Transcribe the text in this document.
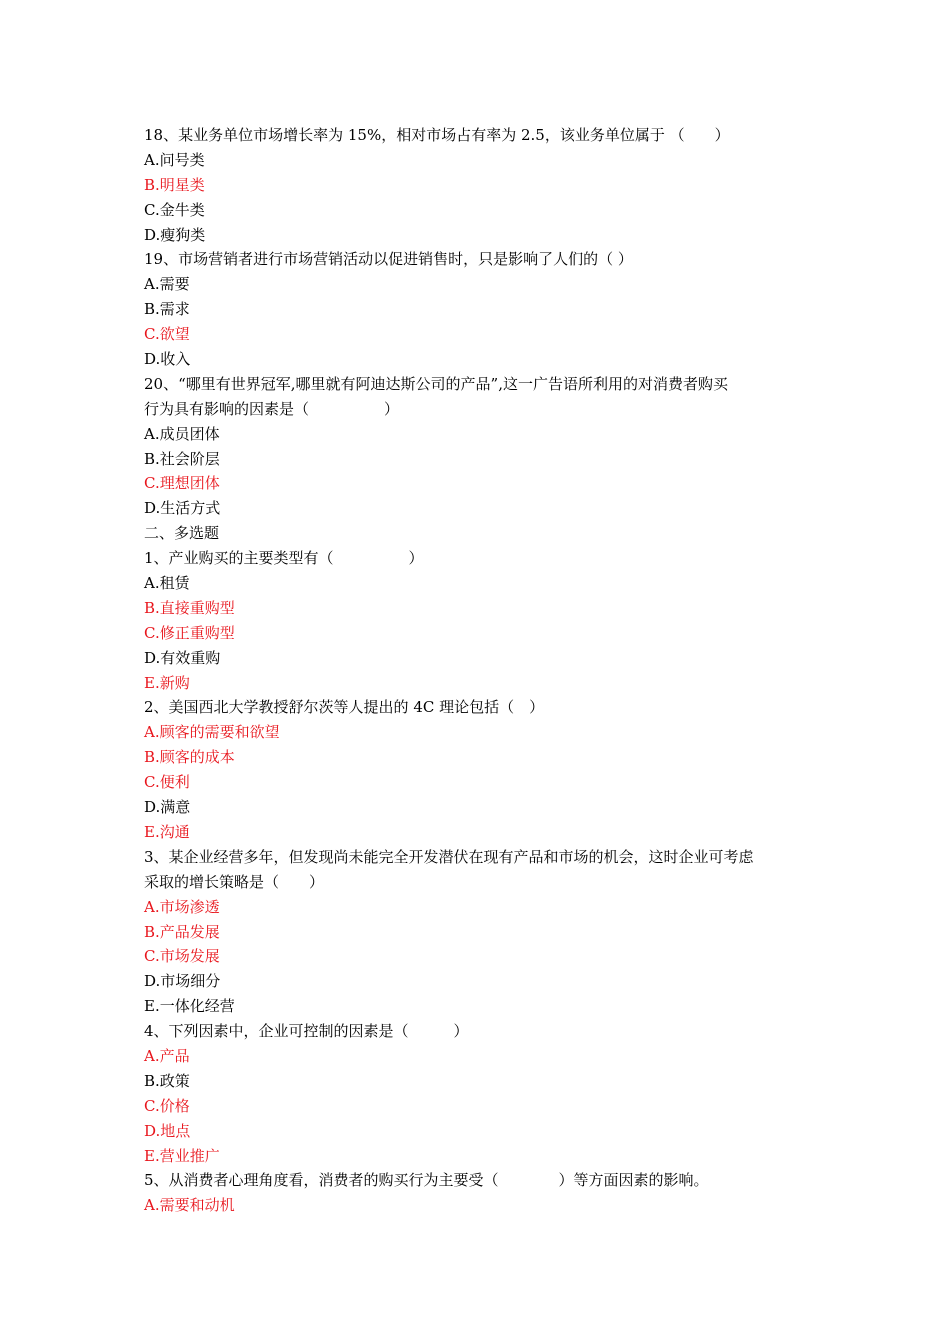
18、某业务单位市场增长率为 15%，相对市场占有率为 2.5，该业务单位属于 （　　）
A.问号类
B.明星类
C.金牛类
D.瘦狗类
19、市场营销者进行市场营销活动以促进销售时，只是影响了人们的（ ）
A.需要
B.需求
C.欲望
D.收入
20、“哪里有世界冠军,哪里就有阿迪达斯公司的产品”,这一广告语所利用的对消费者购买
行为具有影响的因素是（　　　　　）
A.成员团体
B.社会阶层
C.理想团体
D.生活方式
二、多选题
1、产业购买的主要类型有（　　　　　）
A.租赁
B.直接重购型
C.修正重购型
D.有效重购
E.新购
2、美国西北大学教授舒尔茨等人提出的 4C 理论包括（　）
A.顾客的需要和欲望
B.顾客的成本
C.便利
D.满意
E.沟通
3、某企业经营多年，但发现尚未能完全开发潜伏在现有产品和市场的机会，这时企业可考虑
采取的增长策略是（　　）
A.市场渗透
B.产品发展
C.市场发展
D.市场细分
E.一体化经营
4、下列因素中，企业可控制的因素是（　　　）
A.产品
B.政策
C.价格
D.地点
E.营业推广
5、从消费者心理角度看，消费者的购买行为主要受（　　　　）等方面因素的影响。
A.需要和动机
